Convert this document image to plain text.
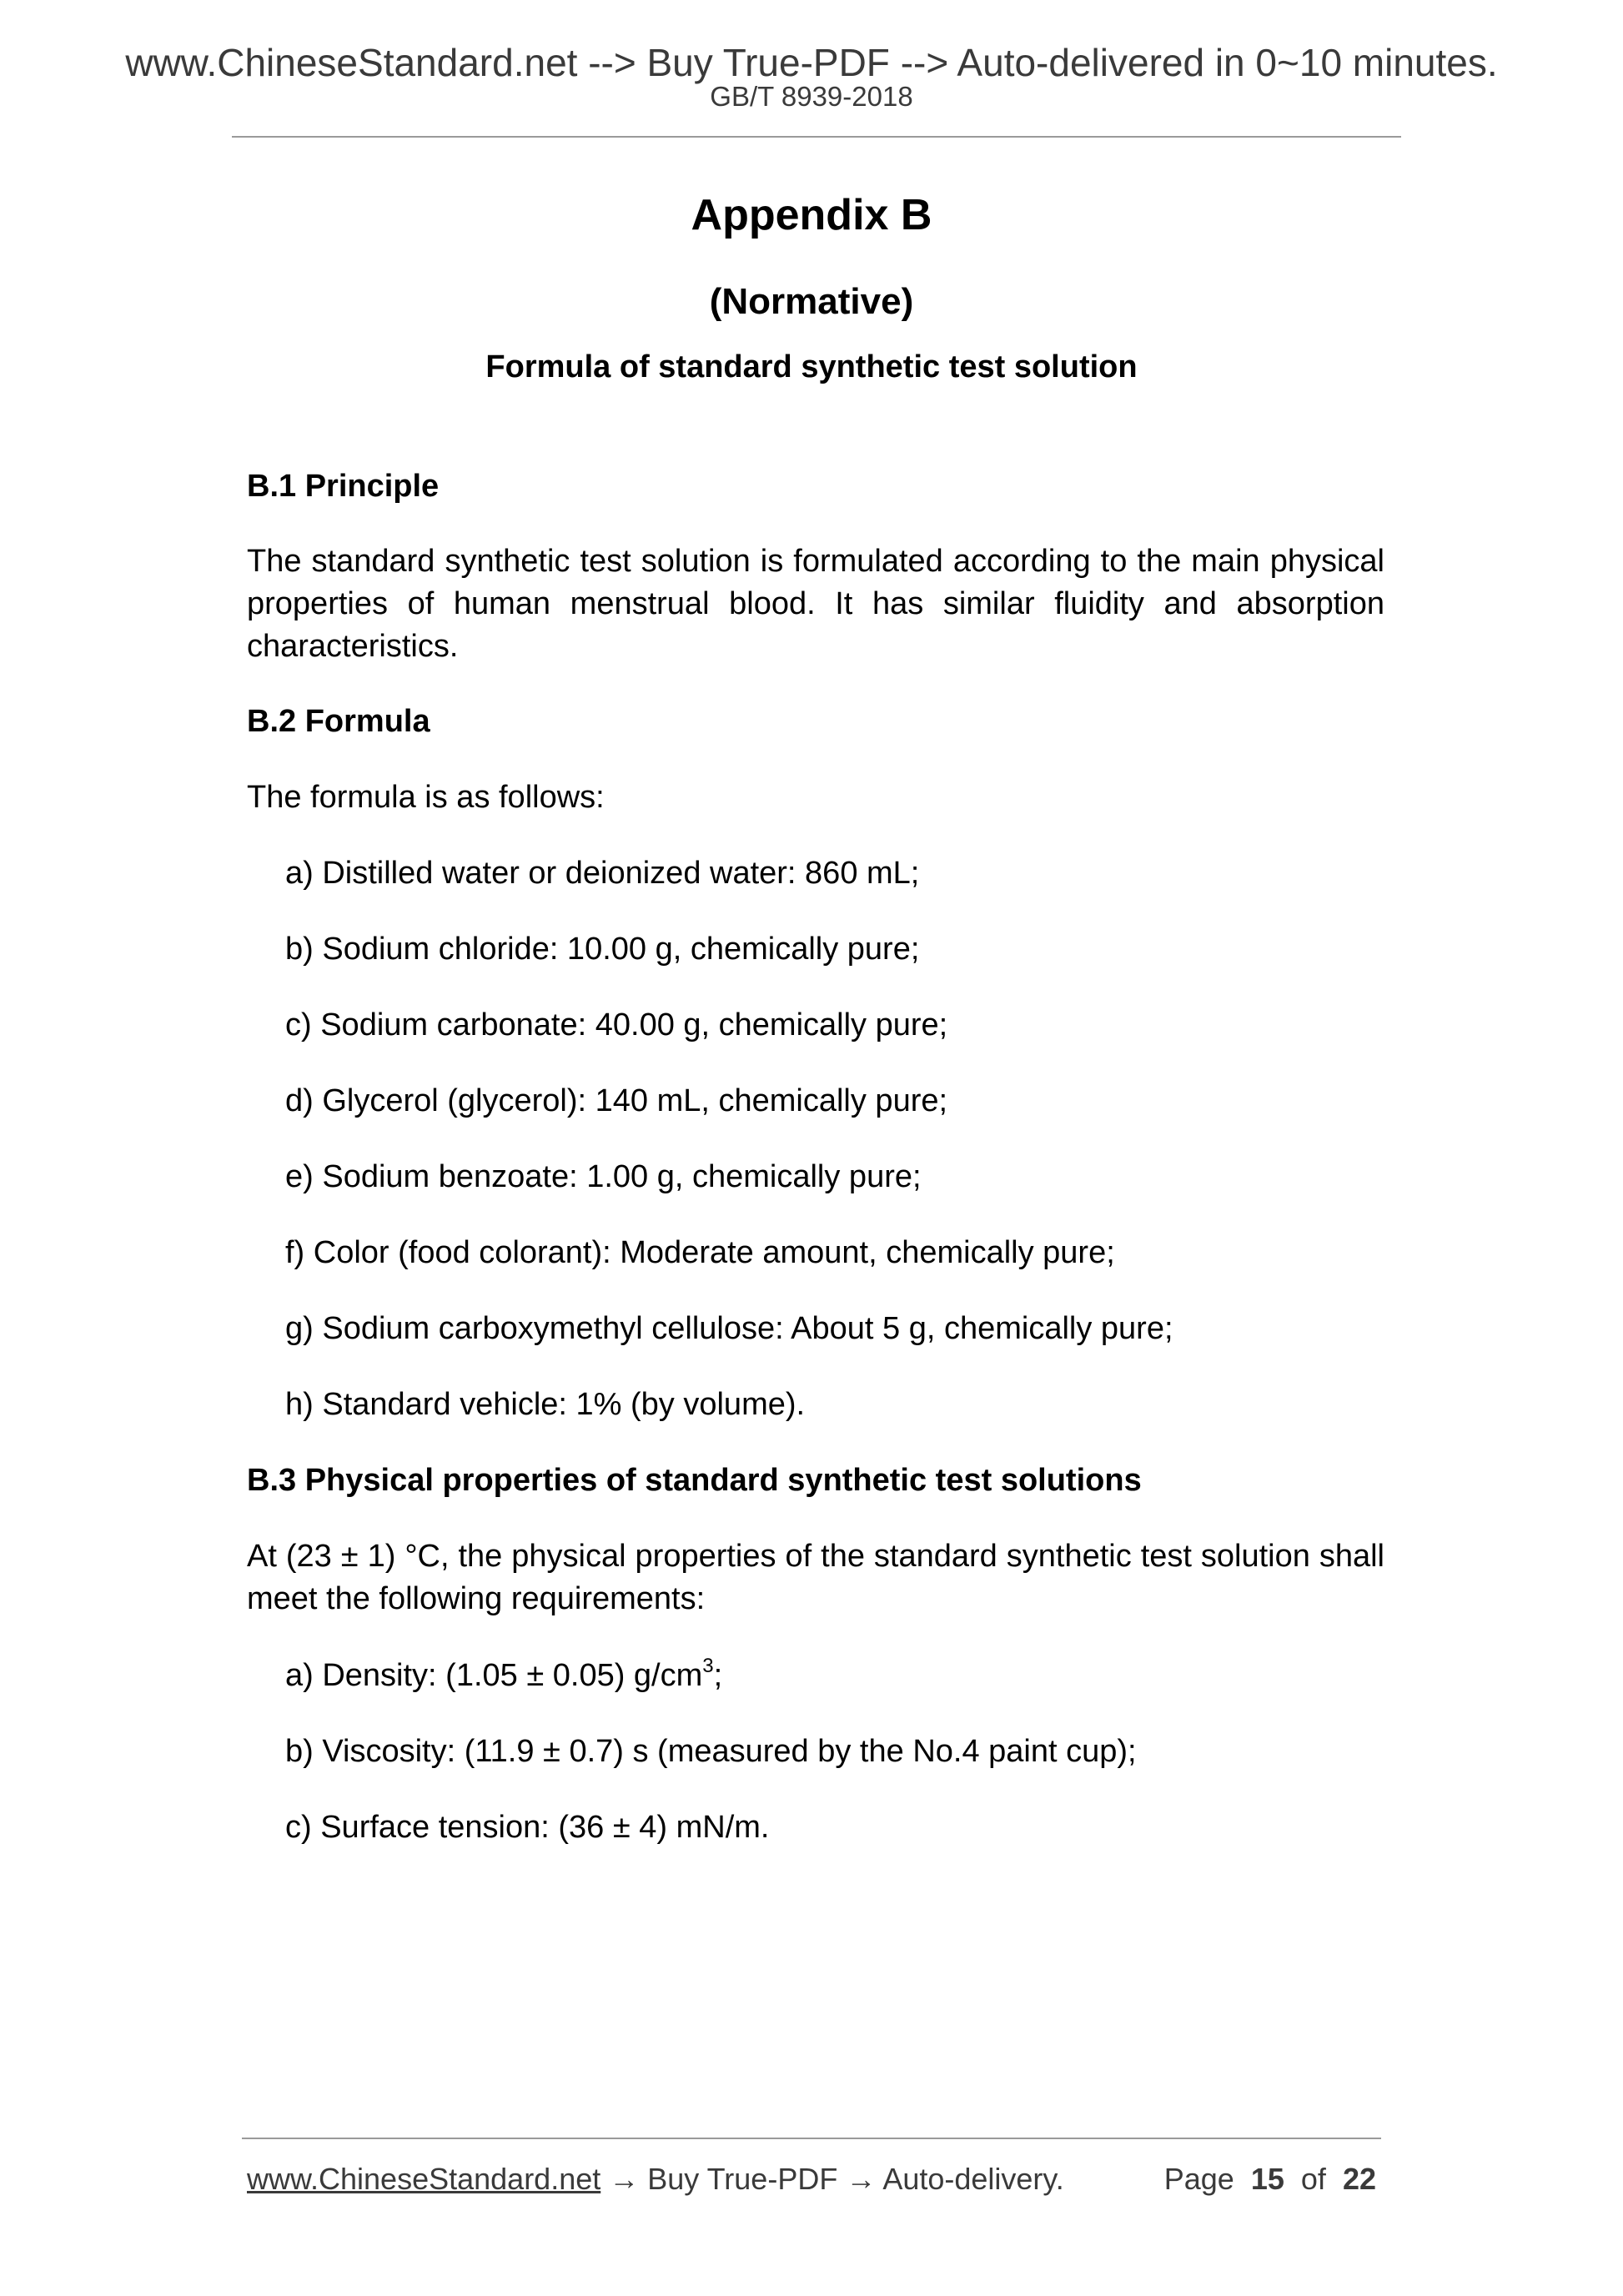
www.ChineseStandard.net --> Buy True-PDF --> Auto-delivered in 0~10 minutes.
GB/T 8939-2018
Appendix B
(Normative)
Formula of standard synthetic test solution
B.1 Principle
The standard synthetic test solution is formulated according to the main physical properties of human menstrual blood. It has similar fluidity and absorption characteristics.
B.2 Formula
The formula is as follows:
a) Distilled water or deionized water: 860 mL;
b) Sodium chloride: 10.00 g, chemically pure;
c) Sodium carbonate: 40.00 g, chemically pure;
d) Glycerol (glycerol): 140 mL, chemically pure;
e) Sodium benzoate: 1.00 g, chemically pure;
f) Color (food colorant): Moderate amount, chemically pure;
g) Sodium carboxymethyl cellulose: About 5 g, chemically pure;
h) Standard vehicle: 1% (by volume).
B.3 Physical properties of standard synthetic test solutions
At (23 ± 1) °C, the physical properties of the standard synthetic test solution shall meet the following requirements:
a) Density: (1.05 ± 0.05) $g/cm^3$;
b) Viscosity: (11.9 ± 0.7) s (measured by the No.4 paint cup);
c) Surface tension: (36 ± 4) mN/m.
www.ChineseStandard.net → Buy True-PDF → Auto-delivery.	Page 15 of 22
